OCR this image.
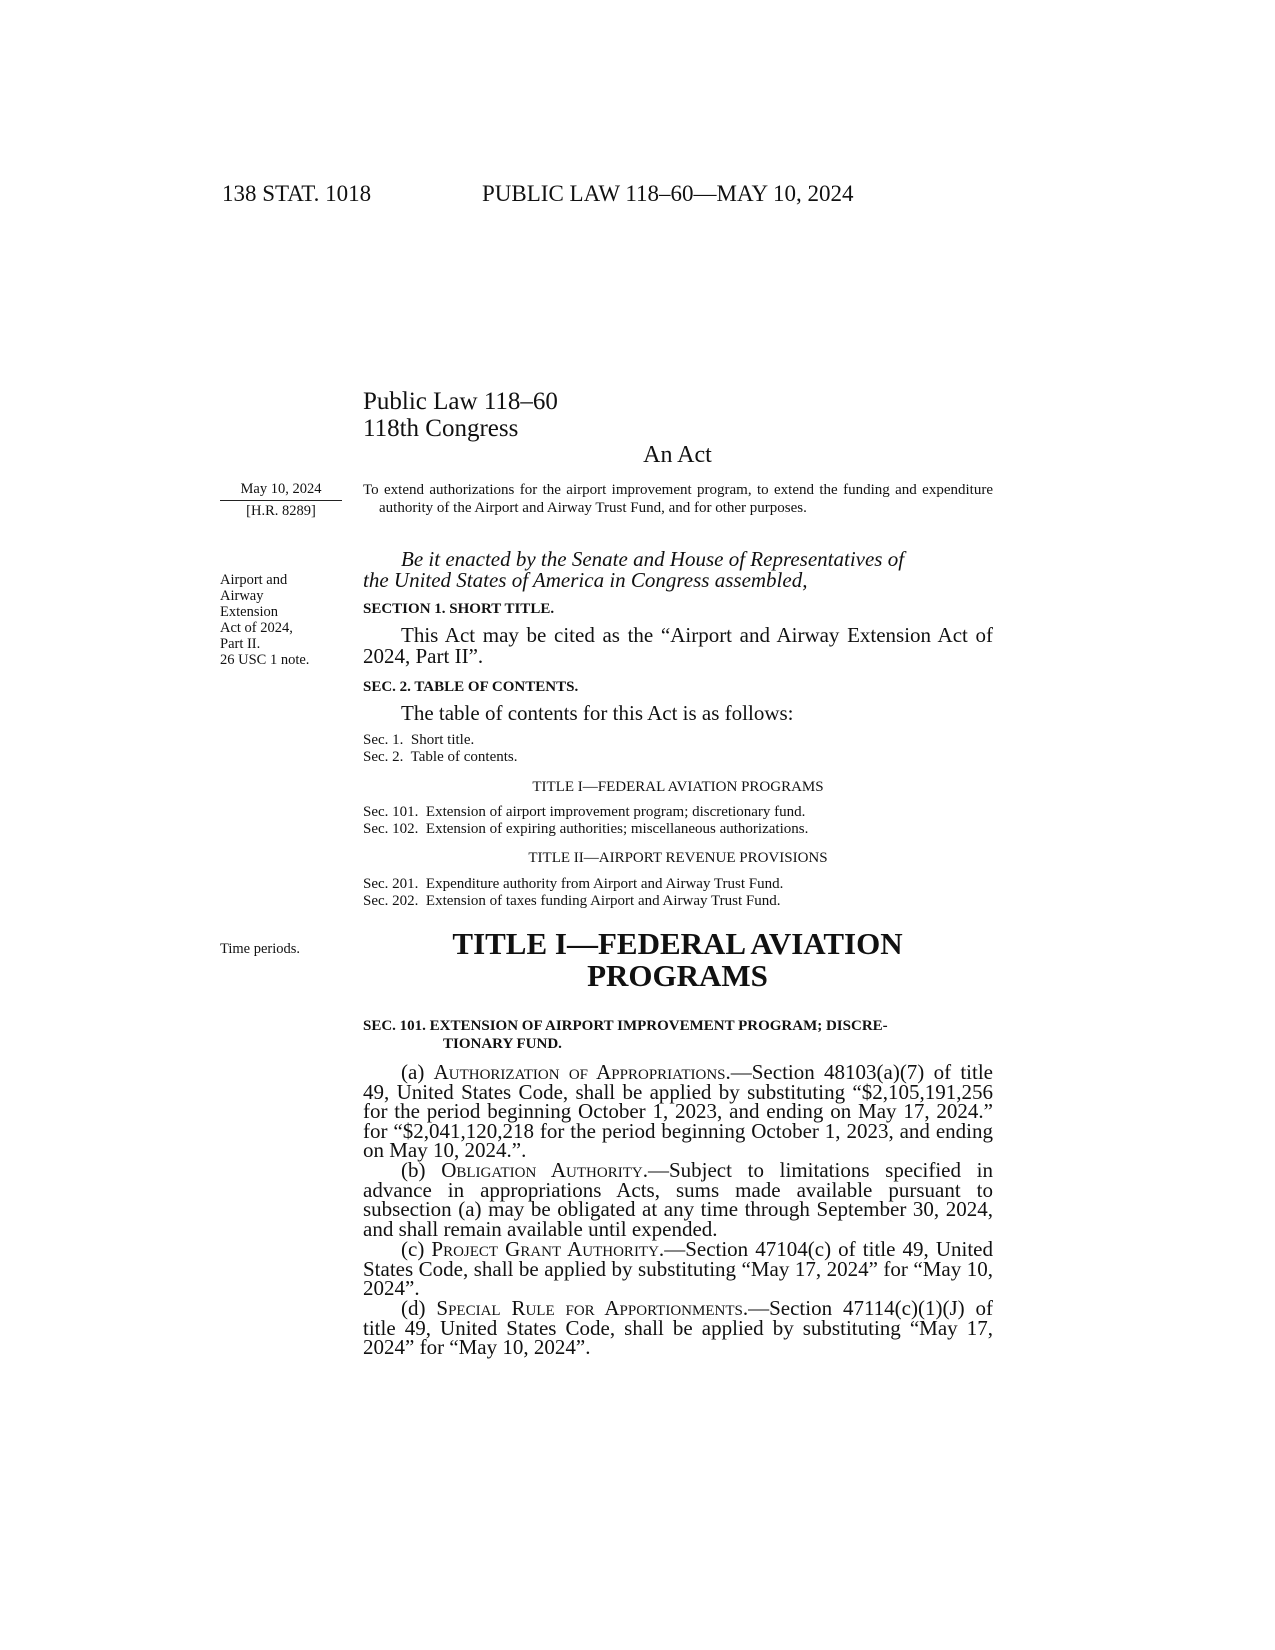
138 STAT. 1018	PUBLIC LAW 118–60—MAY 10, 2024
Public Law 118–60
118th Congress
An Act
May 10, 2024
[H.R. 8289]
Airport and
Airway
Extension
Act of 2024,
Part II.
26 USC 1 note.
Time periods.

To extend authorizations for the airport improvement program, to extend the funding and expenditure authority of the Airport and Airway Trust Fund, and for other purposes.

Be it enacted by the Senate and House of Representatives of
the United States of America in Congress assembled,
SECTION 1. SHORT TITLE.
This Act may be cited as the “Airport and Airway Extension Act of 2024, Part II”.
SEC. 2. TABLE OF CONTENTS.
The table of contents for this Act is as follows:
Sec. 1. Short title.
Sec. 2. Table of contents.
TITLE I—FEDERAL AVIATION PROGRAMS
Sec. 101. Extension of airport improvement program; discretionary fund.
Sec. 102. Extension of expiring authorities; miscellaneous authorizations.
TITLE II—AIRPORT REVENUE PROVISIONS
Sec. 201. Expenditure authority from Airport and Airway Trust Fund.
Sec. 202. Extension of taxes funding Airport and Airway Trust Fund.
TITLE I—FEDERAL AVIATION
PROGRAMS
SEC. 101. EXTENSION OF AIRPORT IMPROVEMENT PROGRAM; DISCRE-
TIONARY FUND.
(a) Authorization of Appropriations.—Section 48103(a)(7) of title 49, United States Code, shall be applied by substituting “$2,105,191,256 for the period beginning October 1, 2023, and ending on May 17, 2024.” for “$2,041,120,218 for the period beginning October 1, 2023, and ending on May 10, 2024.”.
(b) Obligation Authority.—Subject to limitations specified in advance in appropriations Acts, sums made available pursuant to subsection (a) may be obligated at any time through September 30, 2024, and shall remain available until expended.
(c) Project Grant Authority.—Section 47104(c) of title 49, United States Code, shall be applied by substituting “May 17, 2024” for “May 10, 2024”.
(d) Special Rule for Apportionments.—Section 47114(c)(1)(J) of title 49, United States Code, shall be applied by substituting “May 17, 2024” for “May 10, 2024”.
